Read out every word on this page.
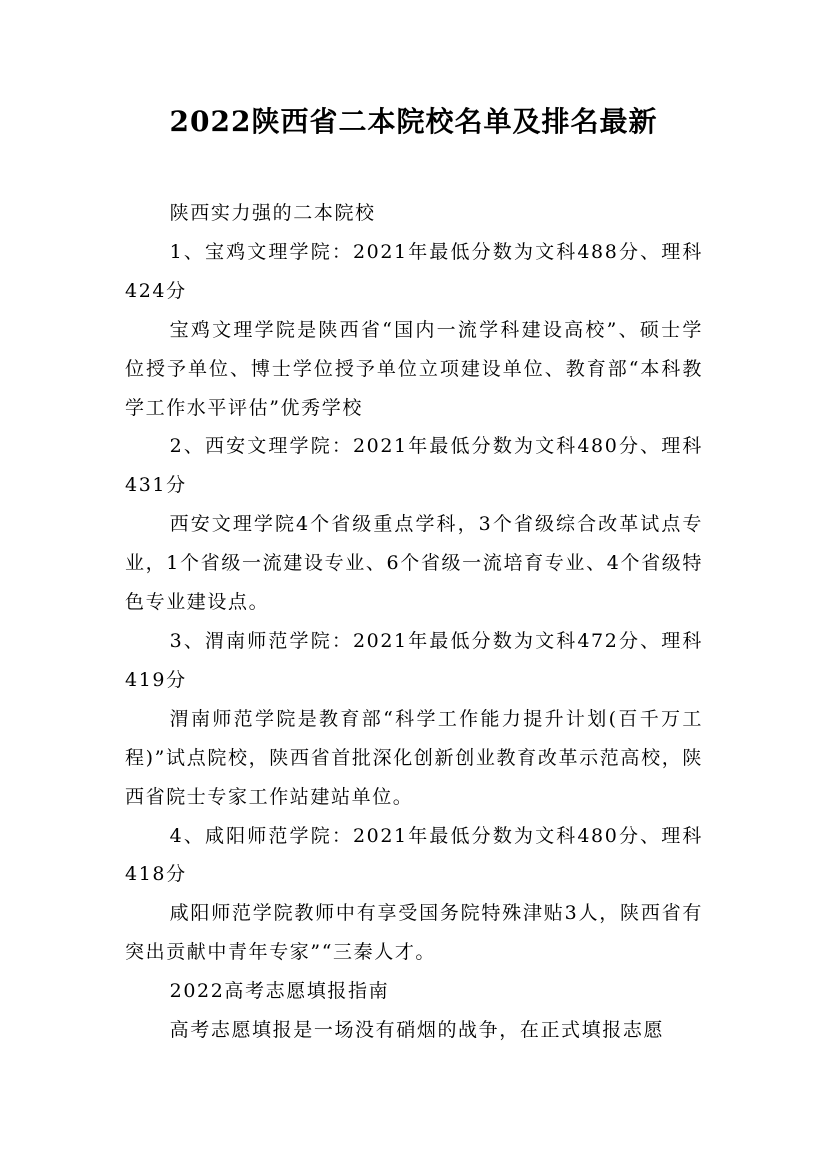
2022陕西省二本院校名单及排名最新

陕西实力强的二本院校

1、宝鸡文理学院：2021年最低分数为文科488分、理科424分

宝鸡文理学院是陕西省“国内一流学科建设高校”、硕士学位授予单位、博士学位授予单位立项建设单位、教育部“本科教学工作水平评估”优秀学校

2、西安文理学院：2021年最低分数为文科480分、理科431分

西安文理学院4个省级重点学科，3个省级综合改革试点专业，1个省级一流建设专业、6个省级一流培育专业、4个省级特色专业建设点。

3、渭南师范学院：2021年最低分数为文科472分、理科419分

渭南师范学院是教育部“科学工作能力提升计划(百千万工程)”试点院校，陕西省首批深化创新创业教育改革示范高校，陕西省院士专家工作站建站单位。

4、咸阳师范学院：2021年最低分数为文科480分、理科418分

咸阳师范学院教师中有享受国务院特殊津贴3人，陕西省有突出贡献中青年专家”“三秦人才。

2022高考志愿填报指南

高考志愿填报是一场没有硝烟的战争，在正式填报志愿
